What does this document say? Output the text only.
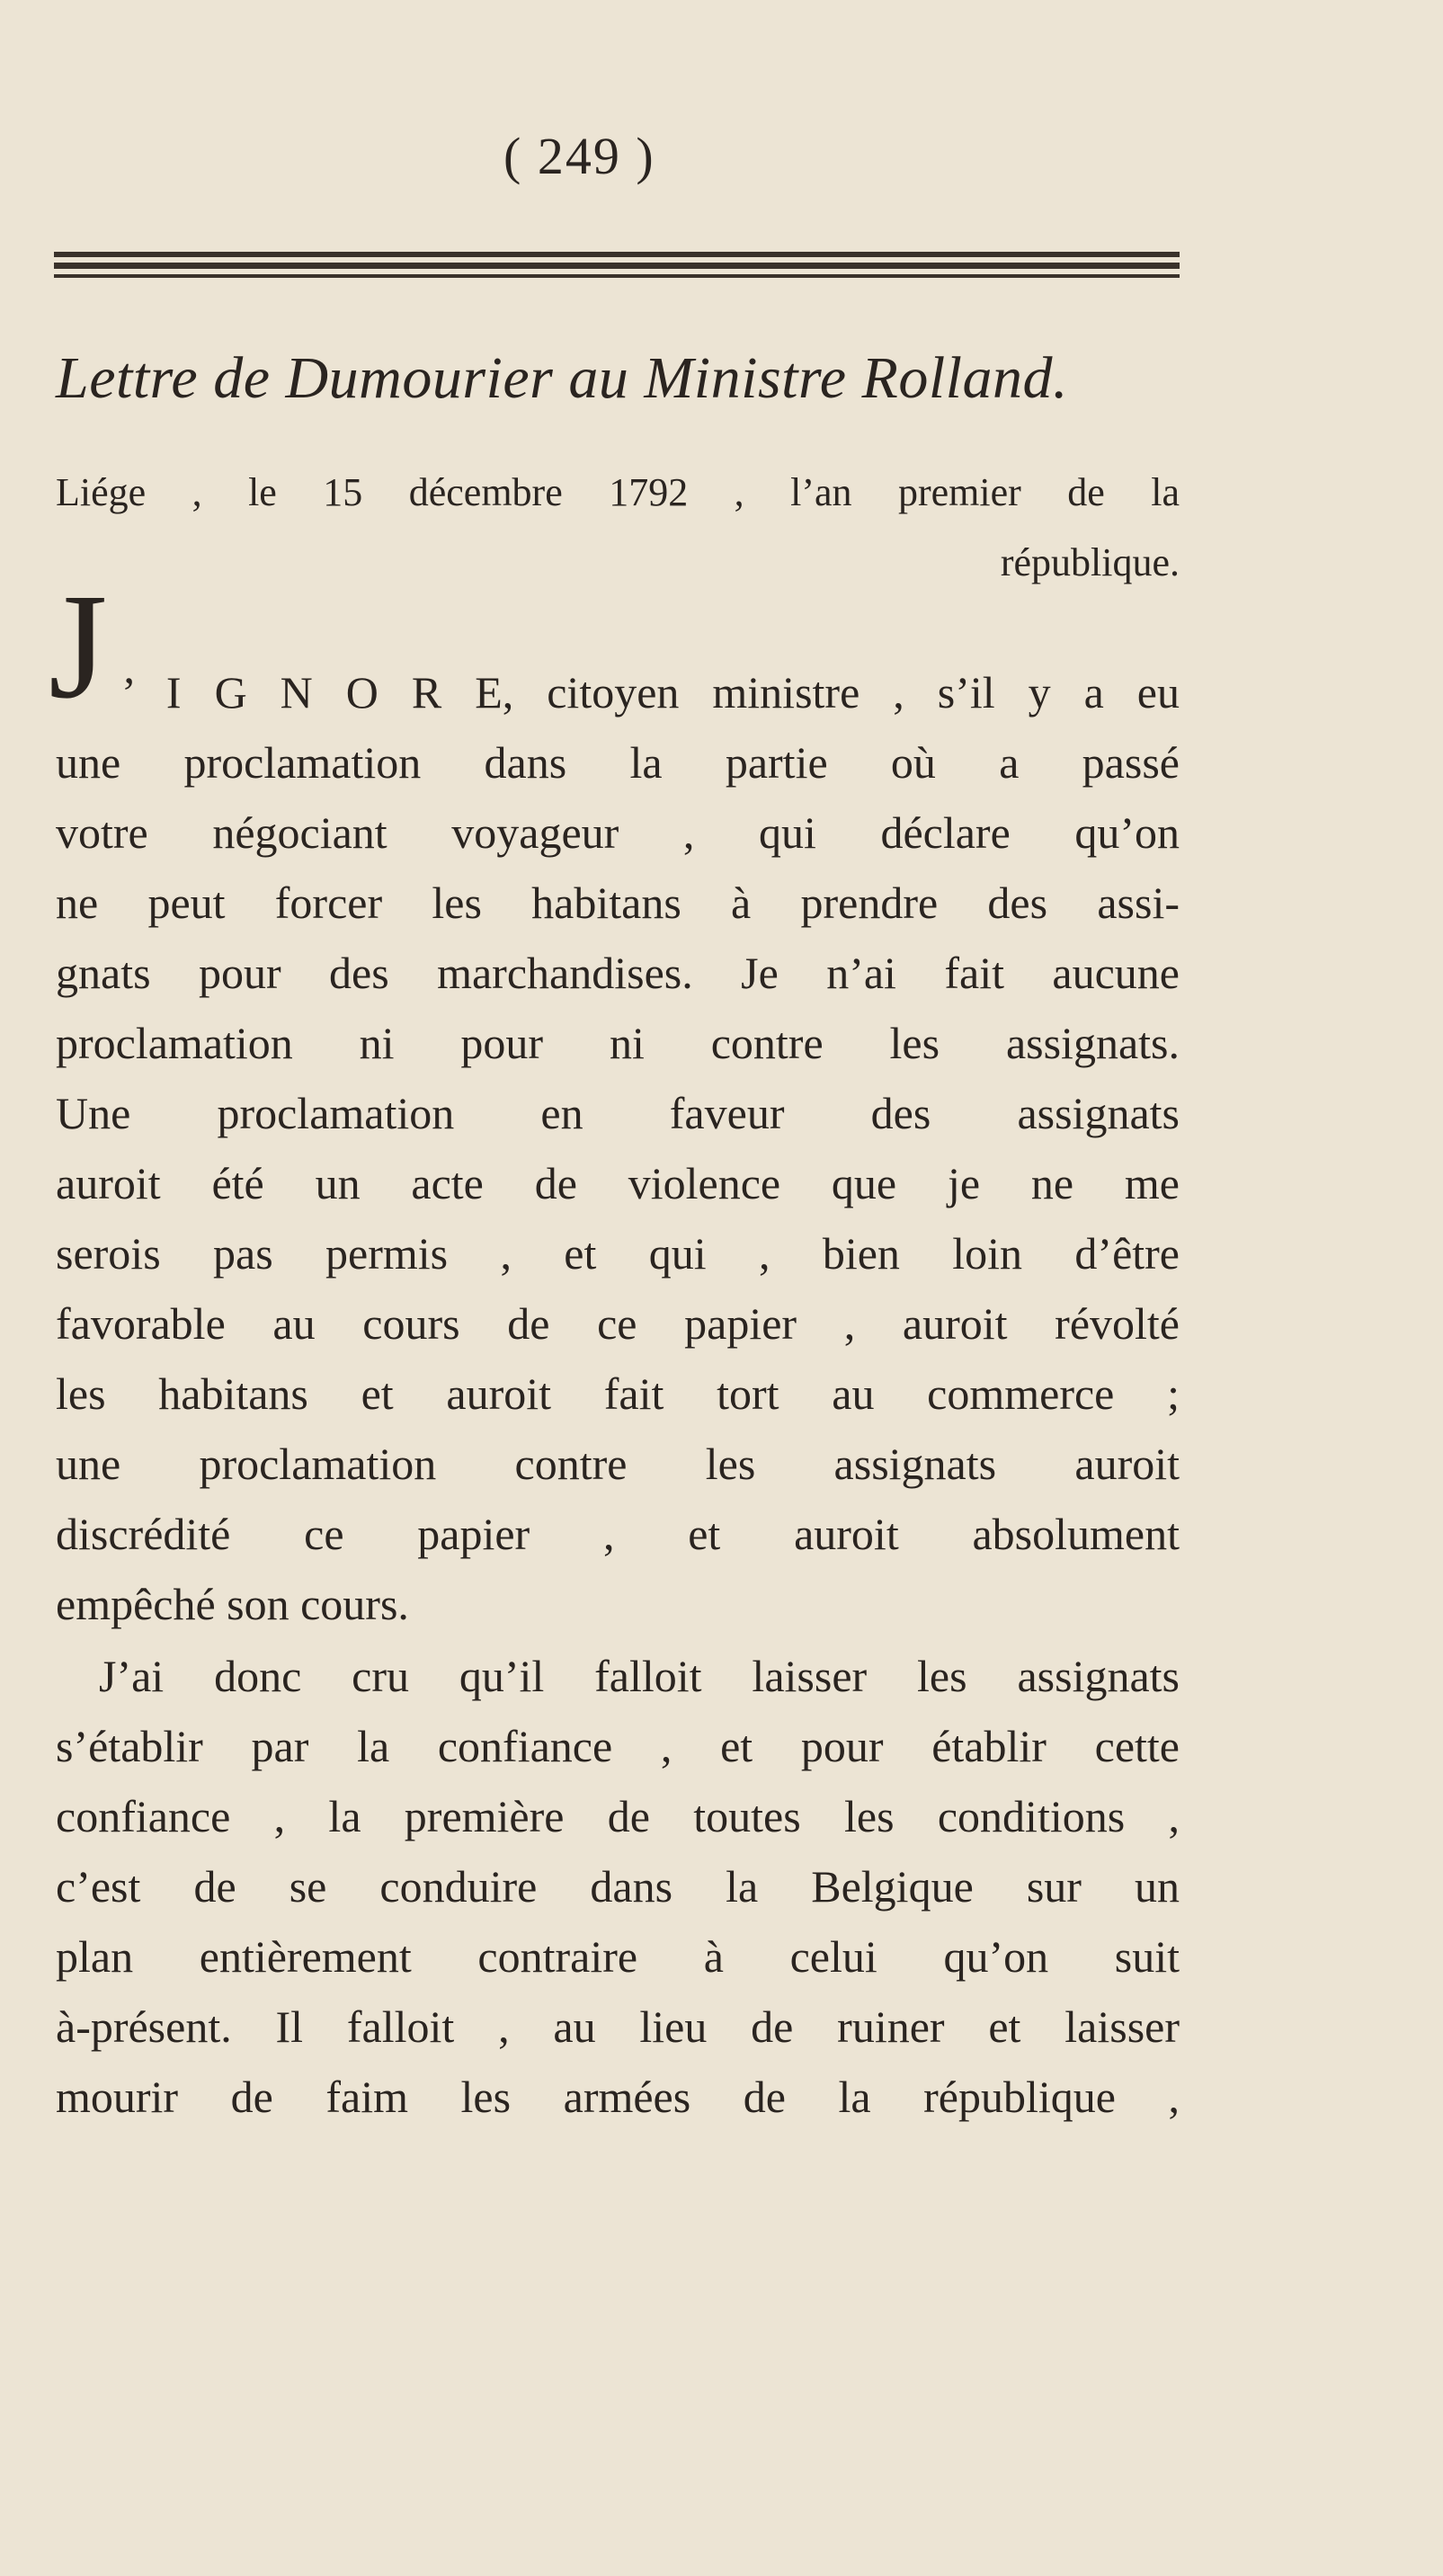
( 249 )
Lettre de Dumourier au Ministre Rolland.
Liége , le 15 décembre 1792 , l’an premier de la
république.
J ’ I G N O R E, citoyen ministre , s’il y a eu
une proclamation dans la partie où a passé
votre négociant voyageur , qui déclare qu’on
ne peut forcer les habitans à prendre des assi-
gnats pour des marchandises. Je n’ai fait aucune
proclamation ni pour ni contre les assignats.
Une proclamation en faveur des assignats
auroit été un acte de violence que je ne me
serois pas permis , et qui , bien loin d’être
favorable au cours de ce papier , auroit révolté
les habitans et auroit fait tort au commerce ;
une proclamation contre les assignats auroit
discrédité ce papier , et auroit absolument
empêché son cours.
J’ai donc cru qu’il falloit laisser les assignats
s’établir par la confiance , et pour établir cette
confiance , la première de toutes les conditions ,
c’est de se conduire dans la Belgique sur un
plan entièrement contraire à celui qu’on suit
à-présent. Il falloit , au lieu de ruiner et laisser
mourir de faim les armées de la république ,
